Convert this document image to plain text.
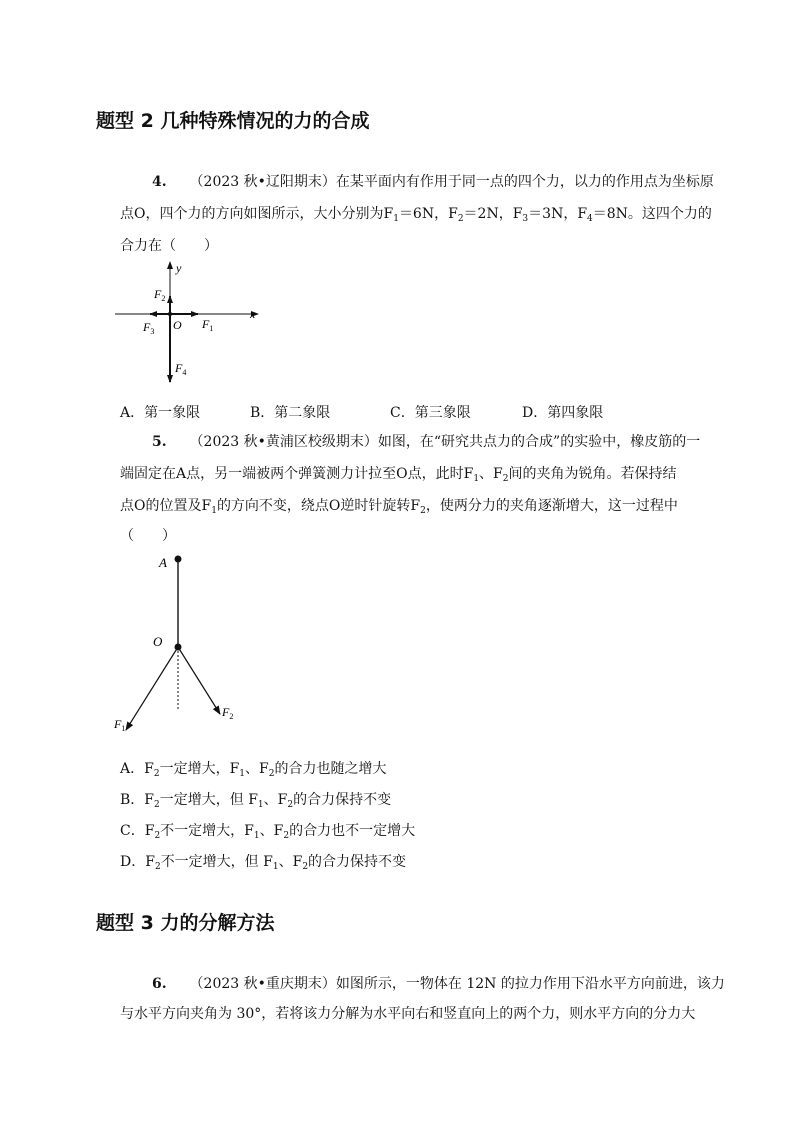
题型 2 几种特殊情况的力的合成
4. （2023 秋•辽阳期末）在某平面内有作用于同一点的四个力，以力的作用点为坐标原
点O，四个力的方向如图所示，大小分别为$F_1=6N$，$F_2=2N$，$F_3=3N$，$F_4=8N$。这四个力的
合力在（　　）
y
x
O
$F_2$
$F_1$
$F_3$
$F_4$
A．第一象限	B．第二象限	C．第三象限	D．第四象限
5. （2023 秋•黄浦区校级期末）如图，在“研究共点力的合成”的实验中，橡皮筋的一
端固定在A点，另一端被两个弹簧测力计拉至O点，此时$F_1$、$F_2$间的夹角为锐角。若保持结
点O的位置及$F_1$的方向不变，绕点O逆时针旋转$F_2$，使两分力的夹角逐渐增大，这一过程中
（　　）
A
O
$F_1$
$F_2$
A．$F_2$一定增大，$F_1$、$F_2$的合力也随之增大
B．$F_2$一定增大，但 $F_1$、$F_2$的合力保持不变
C．$F_2$不一定增大，$F_1$、$F_2$的合力也不一定增大
D．$F_2$不一定增大，但 $F_1$、$F_2$的合力保持不变
题型 3 力的分解方法
6. （2023 秋•重庆期末）如图所示，一物体在 12N 的拉力作用下沿水平方向前进，该力
与水平方向夹角为 30°，若将该力分解为水平向右和竖直向上的两个力，则水平方向的分力大
